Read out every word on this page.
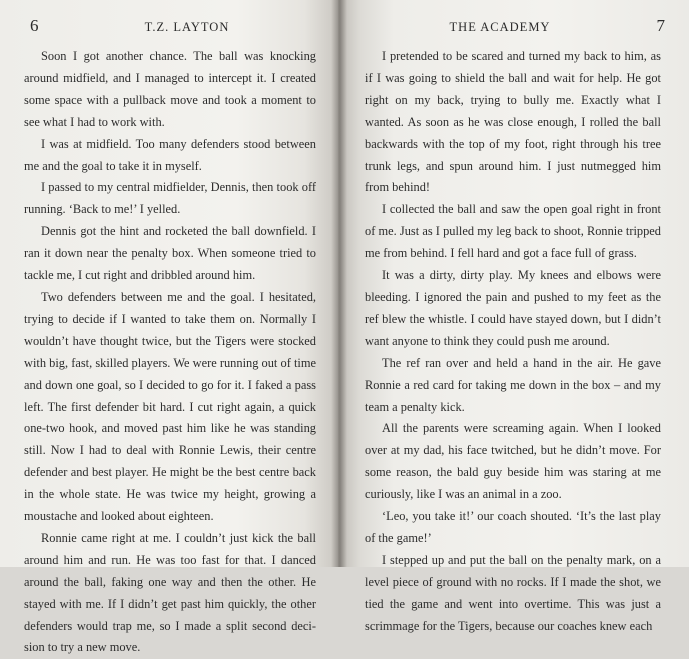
6	T.Z. LAYTON

Soon I got another chance. The ball was knocking around midfield, and I managed to intercept it. I created some space with a pullback move and took a moment to see what I had to work with.

I was at midfield. Too many defenders stood between me and the goal to take it in myself.

I passed to my central midfielder, Dennis, then took off running. ‘Back to me!’ I yelled.

Dennis got the hint and rocketed the ball downfield. I ran it down near the penalty box. When someone tried to tackle me, I cut right and dribbled around him.

Two defenders between me and the goal. I hesitated, trying to decide if I wanted to take them on. Normally I wouldn’t have thought twice, but the Tigers were stocked with big, fast, skilled players. We were running out of time and down one goal, so I decided to go for it. I faked a pass left. The first defender bit hard. I cut right again, a quick one-two hook, and moved past him like he was standing still. Now I had to deal with Ronnie Lewis, their centre defender and best player. He might be the best centre back in the whole state. He was twice my height, growing a moustache and looked about eighteen.

Ronnie came right at me. I couldn’t just kick the ball around him and run. He was too fast for that. I danced around the ball, faking one way and then the other. He stayed with me. If I didn’t get past him quickly, the other defenders would trap me, so I made a split second deci-sion to try a new move.

THE ACADEMY	7

I pretended to be scared and turned my back to him, as if I was going to shield the ball and wait for help. He got right on my back, trying to bully me. Exactly what I wanted. As soon as he was close enough, I rolled the ball backwards with the top of my foot, right through his tree trunk legs, and spun around him. I just nutmegged him from behind!

I collected the ball and saw the open goal right in front of me. Just as I pulled my leg back to shoot, Ronnie tripped me from behind. I fell hard and got a face full of grass.

It was a dirty, dirty play. My knees and elbows were bleeding. I ignored the pain and pushed to my feet as the ref blew the whistle. I could have stayed down, but I didn’t want anyone to think they could push me around.

The ref ran over and held a hand in the air. He gave Ronnie a red card for taking me down in the box – and my team a penalty kick.

All the parents were screaming again. When I looked over at my dad, his face twitched, but he didn’t move. For some reason, the bald guy beside him was staring at me curiously, like I was an animal in a zoo.

‘Leo, you take it!’ our coach shouted. ‘It’s the last play of the game!’

I stepped up and put the ball on the penalty mark, on a level piece of ground with no rocks. If I made the shot, we tied the game and went into overtime. This was just a scrimmage for the Tigers, because our coaches knew each
